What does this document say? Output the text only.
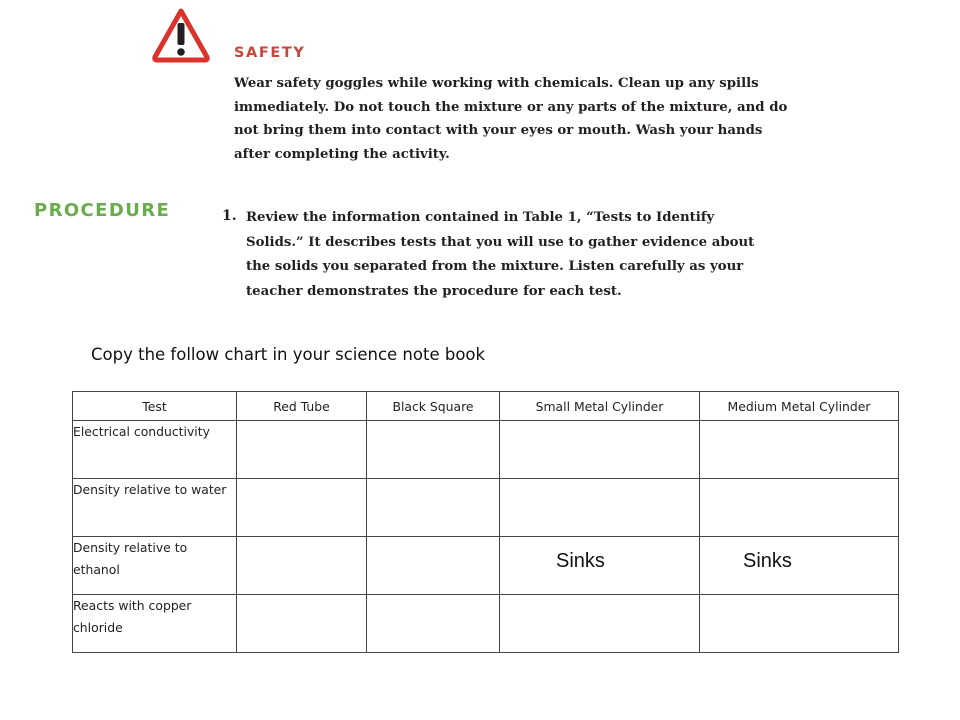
SAFETY

Wear safety goggles while working with chemicals. Clean up any spills immediately. Do not touch the mixture or any parts of the mixture, and do not bring them into contact with your eyes or mouth. Wash your hands after completing the activity.

PROCEDURE	1. Review the information contained in Table 1, “Tests to Identify Solids.” It describes tests that you will use to gather evidence about the solids you separated from the mixture. Listen carefully as your teacher demonstrates the procedure for each test.

Copy the follow chart in your science note book

Test	Red Tube	Black Square	Small Metal Cylinder	Medium Metal Cylinder
Electrical conductivity				
Density relative to water				
Density relative to ethanol			Sinks	Sinks

Reacts with copper chloride				
